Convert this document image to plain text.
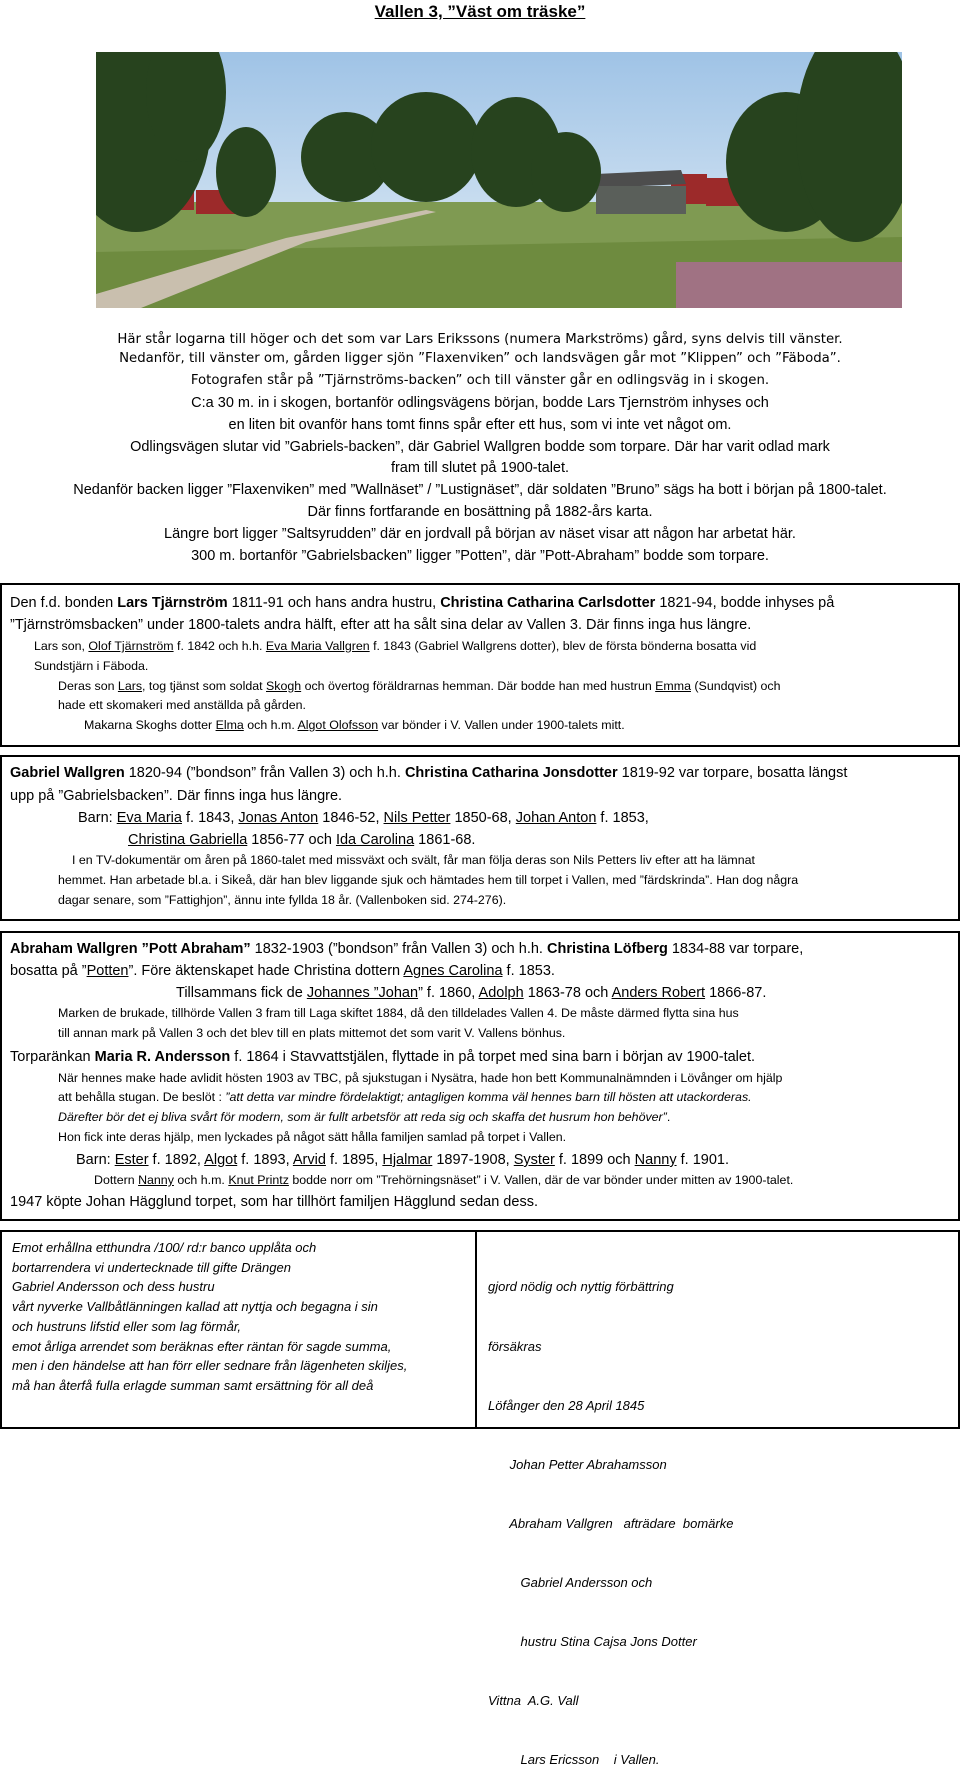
Vallen 3, ”Väst om träske”
Här står logarna till höger och det som var Lars Erikssons (numera Markströms) gård, syns delvis till vänster.
Nedanför, till vänster om, gården ligger sjön ”Flaxenviken” och landsvägen går mot ”Klippen” och ”Fäboda”.
Fotografen står på ”Tjärnströms-backen” och till vänster går en odlingsväg in i skogen.
C:a 30 m. in i skogen, bortanför odlingsvägens början, bodde Lars Tjernström inhyses och
en liten bit ovanför hans tomt finns spår efter ett hus, som vi inte vet något om.
Odlingsvägen slutar vid ”Gabriels-backen”, där Gabriel Wallgren bodde som torpare. Där har varit odlad mark
fram till slutet på 1900-talet.
Nedanför backen ligger ”Flaxenviken” med ”Wallnäset” / ”Lustignäset”, där soldaten ”Bruno” sägs ha bott i början på 1800-talet.
Där finns fortfarande en bosättning på 1882-års karta.
Längre bort ligger ”Saltsyrudden” där en jordvall på början av näset visar att någon har arbetat här.
300 m. bortanför ”Gabrielsbacken” ligger ”Potten”, där ”Pott-Abraham” bodde som torpare.
Den f.d. bonden Lars Tjärnström 1811-91 och hans andra hustru, Christina Catharina Carlsdotter 1821-94, bodde inhyses på
”Tjärnströmsbacken” under 1800-talets andra hälft, efter att ha sålt sina delar av Vallen 3. Där finns inga hus längre.
Lars son, Olof Tjärnström f. 1842 och h.h. Eva Maria Vallgren f. 1843 (Gabriel Wallgrens dotter), blev de första bönderna bosatta vid
Sundstjärn i Fäboda.
Deras son Lars, tog tjänst som soldat Skogh och övertog föräldrarnas hemman. Där bodde han med hustrun Emma (Sundqvist) och
hade ett skomakeri med anställda på gården.
Makarna Skoghs dotter Elma och h.m. Algot Olofsson var bönder i V. Vallen under 1900-talets mitt.
Gabriel Wallgren 1820-94 (”bondson” från Vallen 3) och h.h. Christina Catharina Jonsdotter 1819-92 var torpare, bosatta längst
upp på ”Gabrielsbacken”. Där finns inga hus längre.
Barn: Eva Maria f. 1843, Jonas Anton 1846-52, Nils Petter 1850-68, Johan Anton f. 1853,
Christina Gabriella 1856-77 och Ida Carolina 1861-68.
I en TV-dokumentär om åren på 1860-talet med missväxt och svält, får man följa deras son Nils Petters liv efter att ha lämnat
hemmet. Han arbetade bl.a. i Sikeå, där han blev liggande sjuk och hämtades hem till torpet i Vallen, med ”färdskrinda”. Han dog några
dagar senare, som ”Fattighjon”, ännu inte fyllda 18 år. (Vallenboken sid. 274-276).
Abraham Wallgren ”Pott Abraham” 1832-1903 (”bondson” från Vallen 3) och h.h. Christina Löfberg 1834-88 var torpare,
bosatta på ”Potten”. Före äktenskapet hade Christina dottern Agnes Carolina f. 1853.
Tillsammans fick de Johannes ”Johan” f. 1860, Adolph 1863-78 och Anders Robert 1866-87.
Marken de brukade, tillhörde Vallen 3 fram till Laga skiftet 1884, då den tilldelades Vallen 4. De måste därmed flytta sina hus
till annan mark på Vallen 3 och det blev till en plats mittemot det som varit V. Vallens bönhus.
Torparänkan Maria R. Andersson f. 1864 i Stavvattstjälen, flyttade in på torpet med sina barn i början av 1900-talet.
När hennes make hade avlidit hösten 1903 av TBC, på sjukstugan i Nysätra, hade hon bett Kommunalnämnden i Lövånger om hjälp
att behålla stugan. De beslöt : ”att detta var mindre fördelaktigt; antagligen komma väl hennes barn till hösten att utackorderas.
Därefter bör det ej bliva svårt för modern, som är fullt arbetsför att reda sig och skaffa det husrum hon behöver”.
Hon fick inte deras hjälp, men lyckades på något sätt hålla familjen samlad på torpet i Vallen.
Barn: Ester f. 1892, Algot f. 1893, Arvid f. 1895, Hjalmar 1897-1908, Syster f. 1899 och Nanny f. 1901.
Dottern Nanny och h.m. Knut Printz bodde norr om ”Trehörningsnäset” i V. Vallen, där de var bönder under mitten av 1900-talet.
1947 köpte Johan Hägglund torpet, som har tillhört familjen Hägglund sedan dess.
Emot erhållna etthundra /100/ rd:r banco upplåta och
bortarrendera vi undertecknade till gifte Drängen
Gabriel Andersson och dess hustru
vårt nyverke Vallbåtlänningen kallad att nyttja och begagna i sin
och hustruns lifstid eller som lag förmår,
emot årliga arrendet som beräknas efter räntan för sagde summa,
men i den händelse att han förr eller sednare från lägenheten skiljes,
må han återfå fulla erlagde summan samt ersättning för all deå

gjord nödig och nyttig förbättring

försäkras

Löfånger den 28 April 1845

Johan Petter Abrahamsson

Abraham Vallgren   afträdare  bomärke

Gabriel Andersson och

hustru Stina Cajsa Jons Dotter

Vittna  A.G. Vall

Lars Ericsson    i Vallen.
